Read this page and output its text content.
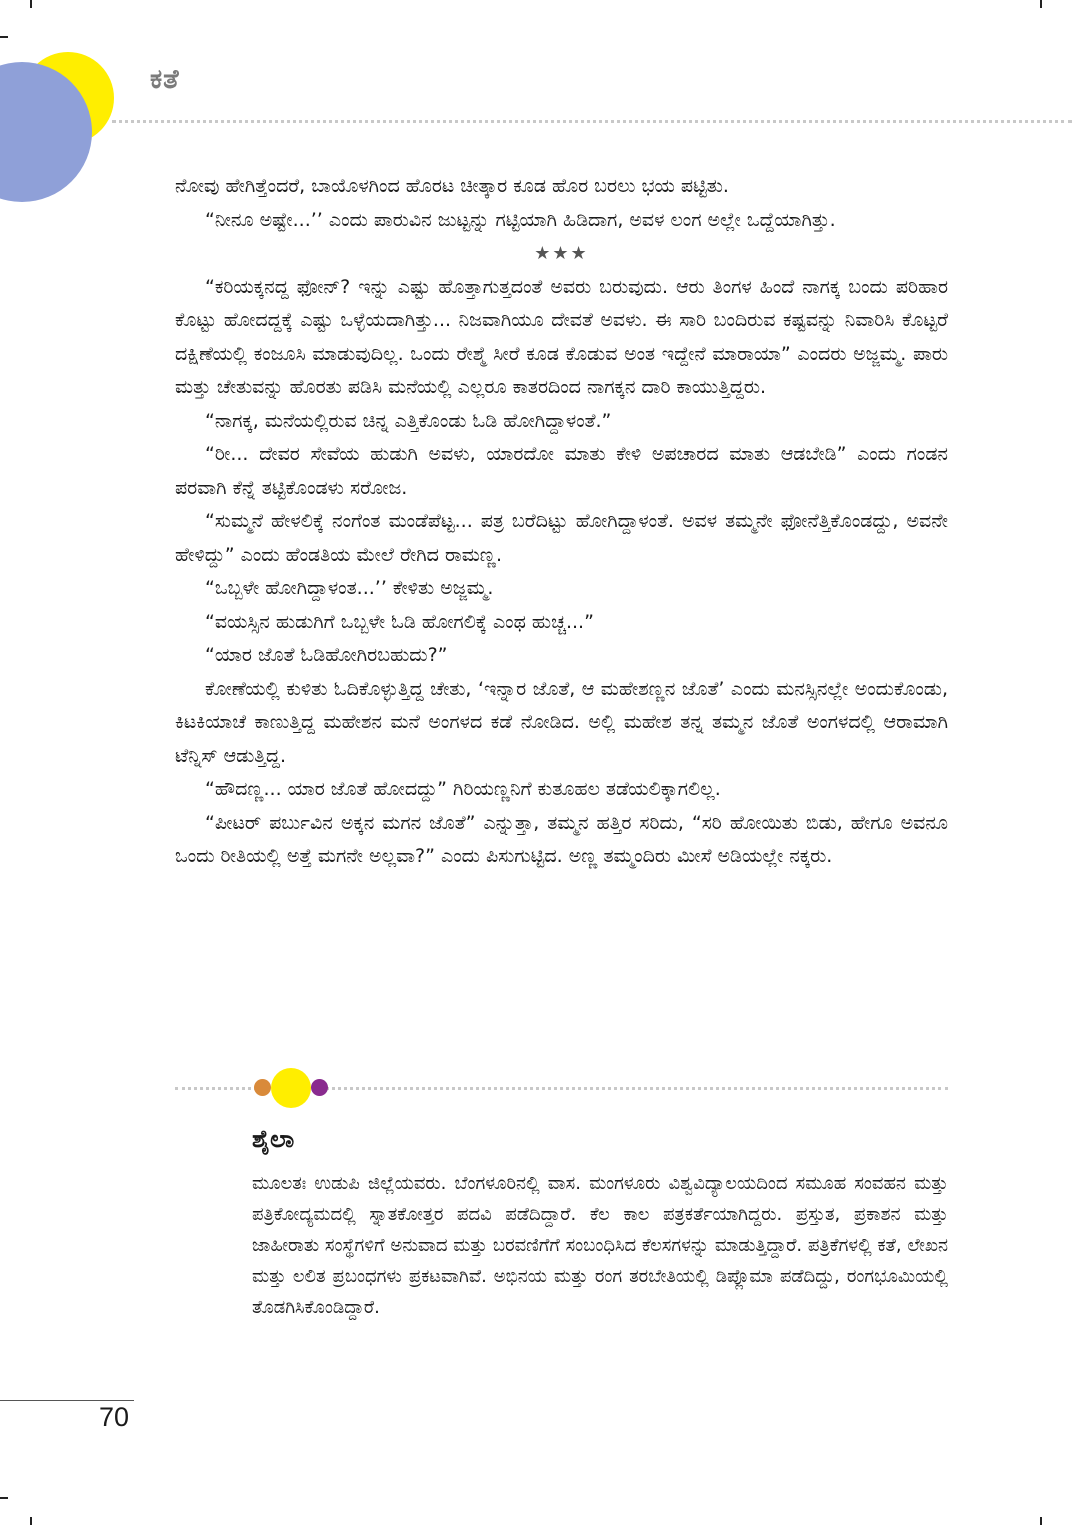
ಕತೆ

ನೋವು ಹೇಗಿತ್ತೆಂದರೆ, ಬಾಯೊಳಗಿಂದ ಹೊರಟ ಚೀತ್ಕಾರ ಕೂಡ ಹೊರ ಬರಲು ಭಯ ಪಟ್ಟಿತು.

“ನೀನೂ ಅಷ್ಟೇ...’’ ಎಂದು ಪಾರುವಿನ ಜುಟ್ಟನ್ನು ಗಟ್ಟಿಯಾಗಿ ಹಿಡಿದಾಗ, ಅವಳ ಲಂಗ ಅಲ್ಲೇ ಒದ್ದೆಯಾಗಿತ್ತು.

★★★

“ಕರಿಯಕ್ಕನದ್ದ ಫೋನ್? ಇನ್ನು ಎಷ್ಟು ಹೊತ್ತಾಗುತ್ತದಂತೆ ಅವರು ಬರುವುದು. ಆರು ತಿಂಗಳ ಹಿಂದೆ ನಾಗಕ್ಕ ಬಂದು ಪರಿಹಾರ ಕೊಟ್ಟು ಹೋದದ್ದಕ್ಕೆ ಎಷ್ಟು ಒಳ್ಳೆಯದಾಗಿತ್ತು... ನಿಜವಾಗಿಯೂ ದೇವತೆ ಅವಳು. ಈ ಸಾರಿ ಬಂದಿರುವ ಕಷ್ಟವನ್ನು ನಿವಾರಿಸಿ ಕೊಟ್ಟರೆ ದಕ್ಷಿಣೆಯಲ್ಲಿ ಕಂಜೂಸಿ ಮಾಡುವುದಿಲ್ಲ. ಒಂದು ರೇಶ್ಮೆ ಸೀರೆ ಕೂಡ ಕೊಡುವ ಅಂತ ಇದ್ದೇನೆ ಮಾರಾಯಾ” ಎಂದರು ಅಜ್ಜಮ್ಮ. ಪಾರು ಮತ್ತು ಚೇತುವನ್ನು ಹೊರತು ಪಡಿಸಿ ಮನೆಯಲ್ಲಿ ಎಲ್ಲರೂ ಕಾತರದಿಂದ ನಾಗಕ್ಕನ ದಾರಿ ಕಾಯುತ್ತಿದ್ದರು.

“ನಾಗಕ್ಕ, ಮನೆಯಲ್ಲಿರುವ ಚಿನ್ನ ಎತ್ತಿಕೊಂಡು ಓಡಿ ಹೋಗಿದ್ದಾಳಂತೆ.”

“ರೀ... ದೇವರ ಸೇವೆಯ ಹುಡುಗಿ ಅವಳು, ಯಾರದೋ ಮಾತು ಕೇಳಿ ಅಪಚಾರದ ಮಾತು ಆಡಬೇಡಿ” ಎಂದು ಗಂಡನ ಪರವಾಗಿ ಕೆನ್ನೆ ತಟ್ಟಿಕೊಂಡಳು ಸರೋಜ.

“ಸುಮ್ಮನೆ ಹೇಳಲಿಕ್ಕೆ ನಂಗೆಂತ ಮಂಡೆಪೆಟ್ಟ... ಪತ್ರ ಬರೆದಿಟ್ಟು ಹೋಗಿದ್ದಾಳಂತೆ. ಅವಳ ತಮ್ಮನೇ ಫೋನೆತ್ತಿಕೊಂಡದ್ದು, ಅವನೇ ಹೇಳಿದ್ದು” ಎಂದು ಹೆಂಡತಿಯ ಮೇಲೆ ರೇಗಿದ ರಾಮಣ್ಣ.

“ಒಬ್ಬಳೇ ಹೋಗಿದ್ದಾಳಂತ...’’ ಕೇಳಿತು ಅಜ್ಜಮ್ಮ.

“ವಯಸ್ಸಿನ ಹುಡುಗಿಗೆ ಒಬ್ಬಳೇ ಓಡಿ ಹೋಗಲಿಕ್ಕೆ ಎಂಥ ಹುಚ್ಚ...”

“ಯಾರ ಜೊತೆ ಓಡಿಹೋಗಿರಬಹುದು?”

ಕೋಣೆಯಲ್ಲಿ ಕುಳಿತು ಓದಿಕೊಳ್ಳುತ್ತಿದ್ದ ಚೇತು, ‘ಇನ್ನಾರ ಜೊತೆ, ಆ ಮಹೇಶಣ್ಣನ ಜೊತೆ’ ಎಂದು ಮನಸ್ಸಿನಲ್ಲೇ ಅಂದುಕೊಂಡು, ಕಿಟಕಿಯಾಚೆ ಕಾಣುತ್ತಿದ್ದ ಮಹೇಶನ ಮನೆ ಅಂಗಳದ ಕಡೆ ನೋಡಿದ. ಅಲ್ಲಿ ಮಹೇಶ ತನ್ನ ತಮ್ಮನ ಜೊತೆ ಅಂಗಳದಲ್ಲಿ ಆರಾಮಾಗಿ ಟೆನ್ನಿಸ್ ಆಡುತ್ತಿದ್ದ.

“ಹೌದಣ್ಣ... ಯಾರ ಜೊತೆ ಹೋದದ್ದು” ಗಿರಿಯಣ್ಣನಿಗೆ ಕುತೂಹಲ ತಡೆಯಲಿಕ್ಕಾಗಲಿಲ್ಲ.

“ಪೀಟರ್ ಪರ್ಬುವಿನ ಅಕ್ಕನ ಮಗನ ಜೊತೆ” ಎನ್ನುತ್ತಾ, ತಮ್ಮನ ಹತ್ತಿರ ಸರಿದು, “ಸರಿ ಹೋಯಿತು ಬಿಡು, ಹೇಗೂ ಅವನೂ ಒಂದು ರೀತಿಯಲ್ಲಿ ಅತ್ತೆ ಮಗನೇ ಅಲ್ಲವಾ?” ಎಂದು ಪಿಸುಗುಟ್ಟಿದ. ಅಣ್ಣ ತಮ್ಮಂದಿರು ಮೀಸೆ ಅಡಿಯಲ್ಲೇ ನಕ್ಕರು.

ಶೈಲಾ

ಮೂಲತಃ ಉಡುಪಿ ಜಿಲ್ಲೆಯವರು. ಬೆಂಗಳೂರಿನಲ್ಲಿ ವಾಸ. ಮಂಗಳೂರು ವಿಶ್ವವಿದ್ಯಾಲಯದಿಂದ ಸಮೂಹ ಸಂವಹನ ಮತ್ತು ಪತ್ರಿಕೋದ್ಯಮದಲ್ಲಿ ಸ್ನಾತಕೋತ್ತರ ಪದವಿ ಪಡೆದಿದ್ದಾರೆ. ಕೆಲ ಕಾಲ ಪತ್ರಕರ್ತೆಯಾಗಿದ್ದರು. ಪ್ರಸ್ತುತ, ಪ್ರಕಾಶನ ಮತ್ತು ಜಾಹೀರಾತು ಸಂಸ್ಥೆಗಳಿಗೆ ಅನುವಾದ ಮತ್ತು ಬರವಣಿಗೆಗೆ ಸಂಬಂಧಿಸಿದ ಕೆಲಸಗಳನ್ನು ಮಾಡುತ್ತಿದ್ದಾರೆ. ಪತ್ರಿಕೆಗಳಲ್ಲಿ ಕತೆ, ಲೇಖನ ಮತ್ತು ಲಲಿತ ಪ್ರಬಂಧಗಳು ಪ್ರಕಟವಾಗಿವೆ. ಅಭಿನಯ ಮತ್ತು ರಂಗ ತರಬೇತಿಯಲ್ಲಿ ಡಿಪ್ಲೊಮಾ ಪಡೆದಿದ್ದು, ರಂಗಭೂಮಿಯಲ್ಲಿ ತೊಡಗಿಸಿಕೊಂಡಿದ್ದಾರೆ.

70
